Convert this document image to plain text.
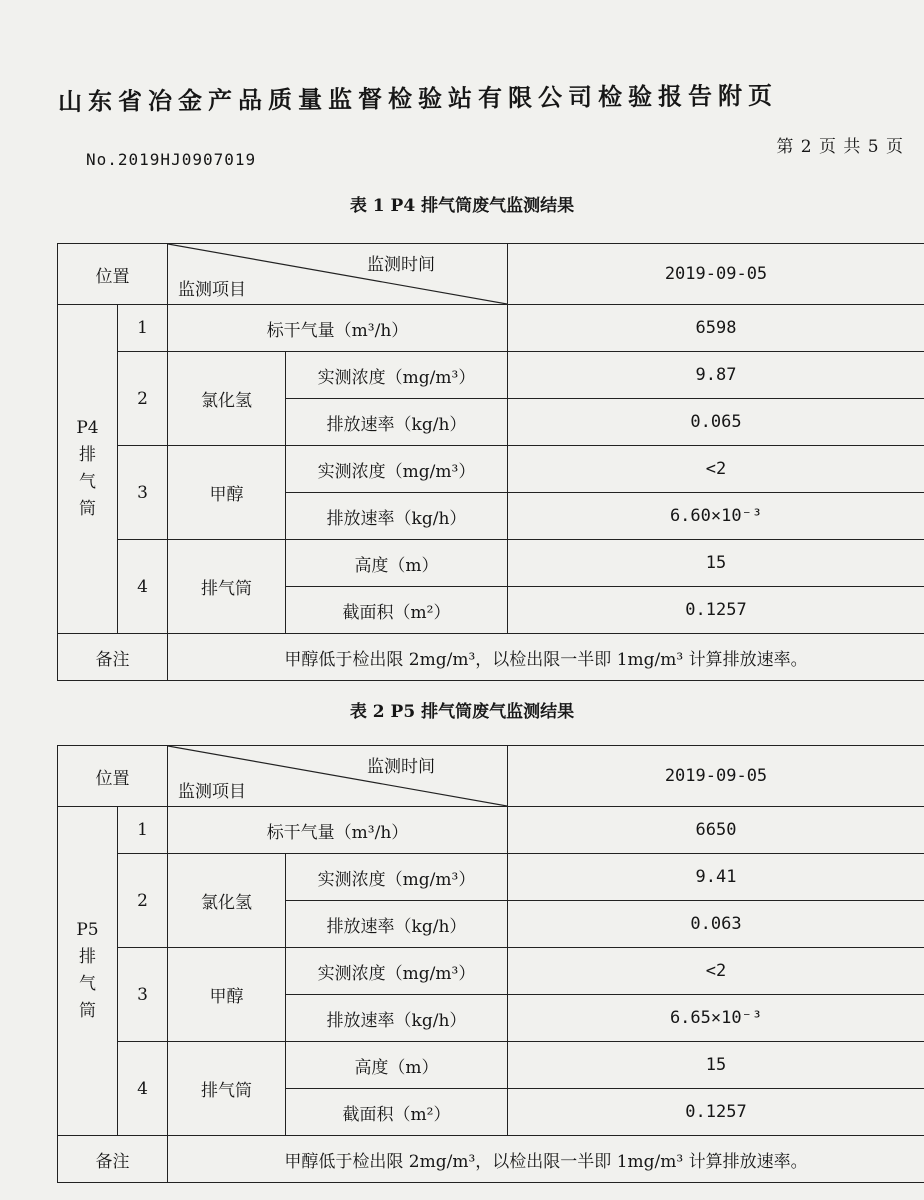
山东省冶金产品质量监督检验站有限公司检验报告附页
第 2 页 共 5 页
No.2019HJ0907019
表 1 P4 排气筒废气监测结果
位置		监测时间
监测项目		2019-09-05

P4
排
气
筒	1	标干气量（m³/h）		6598
	2	氯化氢	实测浓度（mg/m³）	9.87
			排放速率（kg/h）	0.065
	3	甲醇	实测浓度（mg/m³）	<2
			排放速率（kg/h）	6.60×10⁻³
	4	排气筒	高度（m）	15
			截面积（m²）	0.1257
备注		甲醇低于检出限 2mg/m³，以检出限一半即 1mg/m³ 计算排放速率。		
表 2 P5 排气筒废气监测结果
位置		监测时间
监测项目		2019-09-05

P5
排
气
筒	1	标干气量（m³/h）		6650
	2	氯化氢	实测浓度（mg/m³）	9.41
			排放速率（kg/h）	0.063
	3	甲醇	实测浓度（mg/m³）	<2
			排放速率（kg/h）	6.65×10⁻³
	4	排气筒	高度（m）	15
			截面积（m²）	0.1257
备注		甲醇低于检出限 2mg/m³，以检出限一半即 1mg/m³ 计算排放速率。		
